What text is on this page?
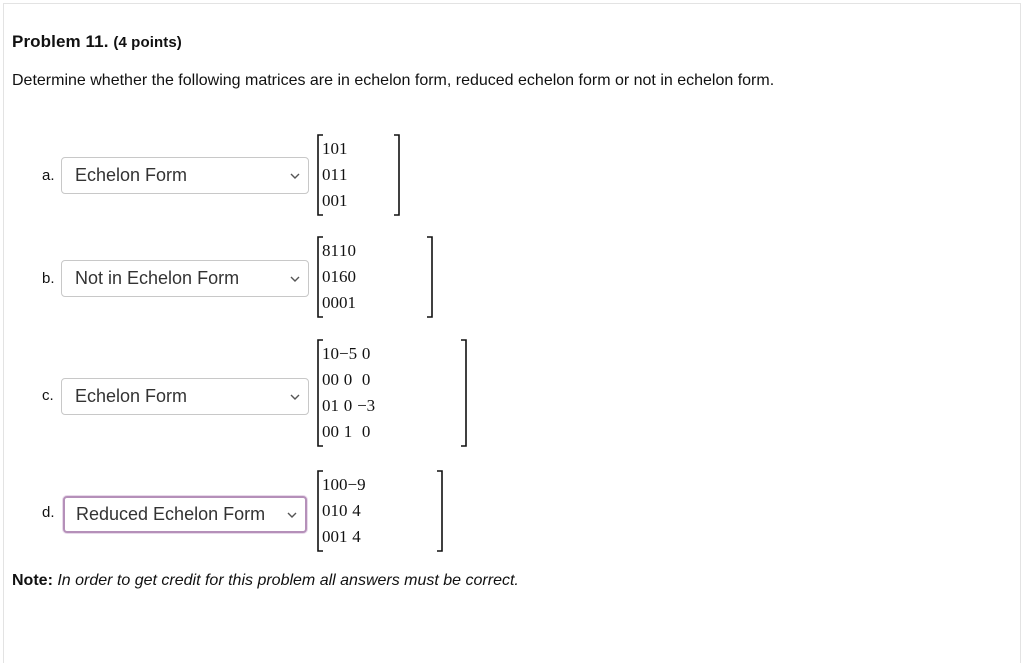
Problem 11. (4 points)
Determine whether the following matrices are in echelon form, reduced echelon form or not in echelon form.
a.	Echelon Form
1	0	1
0	1	1
0	0	1
b.	Not in Echelon Form
8	1	1	0
0	1	6	0
0	0	0	1
c.	Echelon Form
1	0	−5	0
0	0	0	0
0	1	0	−3
0	0	1	0
d.	Reduced Echelon Form
1	0	0	−9
0	1	0	4
0	0	1	4
Note: In order to get credit for this problem all answers must be correct.
